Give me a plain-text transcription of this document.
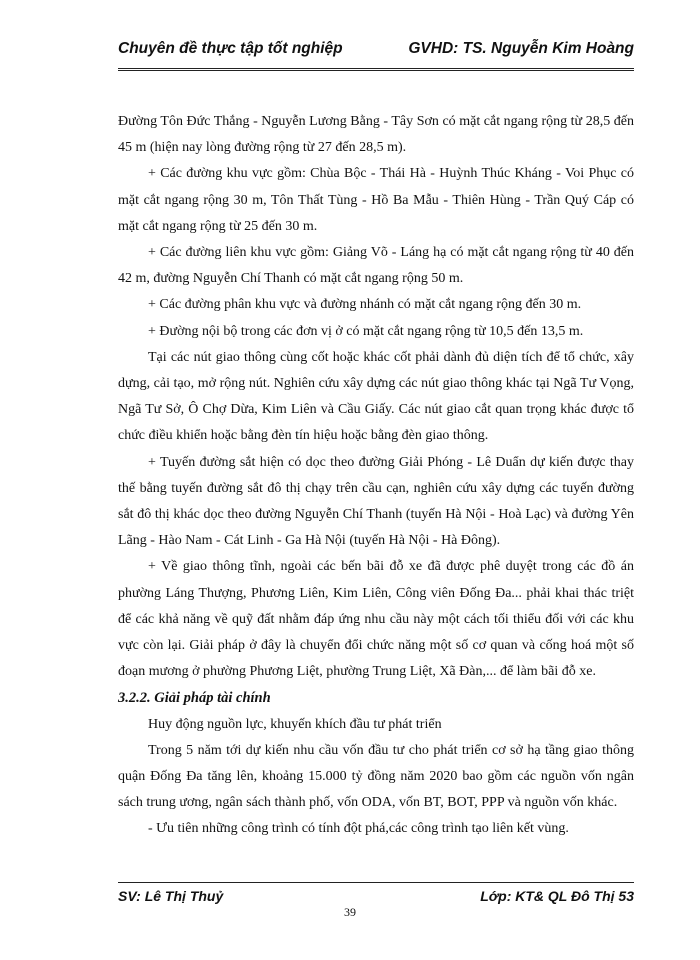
Chuyên đề thực tập tốt nghiệp	GVHD: TS. Nguyễn Kim Hoàng

Đường Tôn Đức Thắng - Nguyễn Lương Bằng - Tây Sơn có mặt cắt ngang rộng từ 28,5 đến 45 m (hiện nay lòng đường rộng từ 27 đến 28,5 m).

+ Các đường khu vực gồm: Chùa Bộc - Thái Hà - Huỳnh Thúc Kháng - Voi Phục có mặt cắt ngang rộng 30 m, Tôn Thất Tùng - Hồ Ba Mẫu - Thiên Hùng - Trần Quý Cáp có mặt cắt ngang rộng từ 25 đến 30 m.

+ Các đường liên khu vực gồm: Giảng Võ - Láng hạ có mặt cắt ngang rộng từ 40 đến 42 m, đường Nguyễn Chí Thanh có mặt cắt ngang rộng 50 m.

+ Các đường phân khu vực và đường nhánh có mặt cắt ngang rộng đến 30 m.

+ Đường nội bộ trong các đơn vị ở có mặt cắt ngang rộng từ 10,5 đến 13,5 m.

Tại các nút giao thông cùng cốt hoặc khác cốt phải dành đủ diện tích để tổ chức, xây dựng, cải tạo, mở rộng nút. Nghiên cứu xây dựng các nút giao thông khác tại Ngã Tư Vọng, Ngã Tư Sở, Ô Chợ Dừa, Kim Liên và Cầu Giấy. Các nút giao cắt quan trọng khác được tổ chức điều khiển hoặc bằng đèn tín hiệu hoặc bằng đèn giao thông.

+ Tuyến đường sắt hiện có dọc theo đường Giải Phóng - Lê Duẩn dự kiến được thay thế bằng tuyến đường sắt đô thị chạy trên cầu cạn, nghiên cứu xây dựng các tuyến đường sắt đô thị khác dọc theo đường Nguyễn Chí Thanh (tuyến Hà Nội - Hoà Lạc) và đường Yên Lãng - Hào Nam - Cát Linh - Ga Hà Nội (tuyến Hà Nội - Hà Đông).

+ Về giao thông tĩnh, ngoài các bến bãi đỗ xe đã được phê duyệt trong các đồ án phường Láng Thượng, Phương Liên, Kim Liên, Công viên Đống Đa... phải khai thác triệt để các khả năng về quỹ đất nhằm đáp ứng nhu cầu này một cách tối thiểu đối với các khu vực còn lại. Giải pháp ở đây là chuyển đổi chức năng một số cơ quan và cống hoá một số đoạn mương ở phường Phương Liệt, phường Trung Liệt, Xã Đàn,... để làm bãi đỗ xe.

3.2.2. Giải pháp tài chính

Huy động nguồn lực, khuyến khích đầu tư phát triển

Trong 5 năm tới dự kiến nhu cầu vốn đầu tư cho phát triển cơ sở hạ tầng giao thông quận Đống Đa tăng lên, khoảng 15.000 tỷ đồng năm 2020 bao gồm các nguồn vốn ngân sách trung ương, ngân sách thành phố, vốn ODA, vốn BT, BOT, PPP và nguồn vốn khác.

- Ưu tiên những công trình có tính đột phá,các công trình tạo liên kết vùng.

SV: Lê Thị Thuỷ	Lớp: KT& QL Đô Thị 53
39
